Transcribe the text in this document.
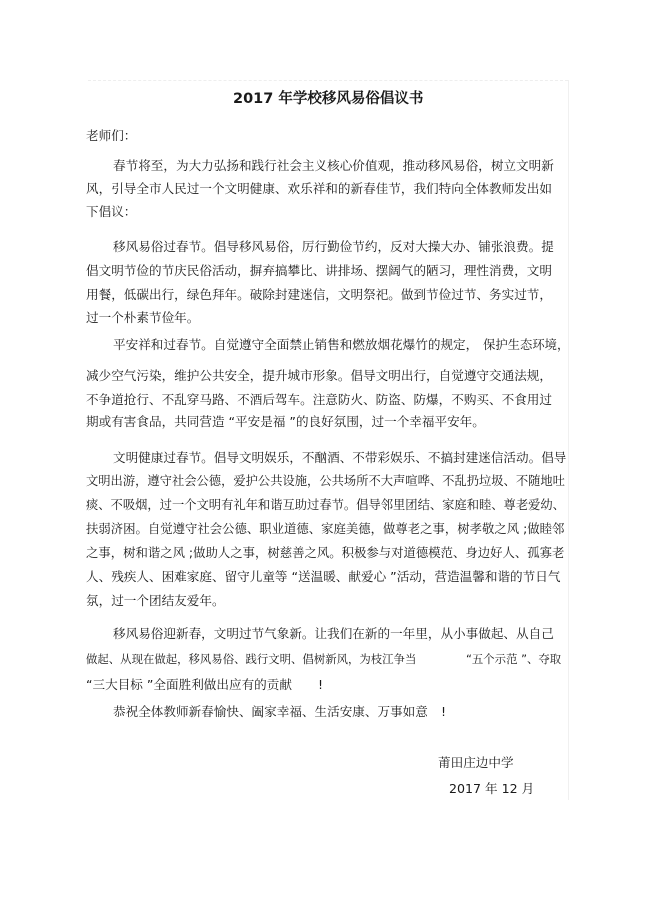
2017 年学校移风易俗倡议书
老师们：
春节将至，为大力弘扬和践行社会主义核心价值观，推动移风易俗，树立文明新
风，引导全市人民过一个文明健康、欢乐祥和的新春佳节，我们特向全体教师发出如
下倡议：
移风易俗过春节。倡导移风易俗，厉行勤俭节约，反对大操大办、铺张浪费。提
倡文明节俭的节庆民俗活动，摒弃搞攀比、讲排场、摆阔气的陋习，理性消费，文明
用餐，低碳出行，绿色拜年。破除封建迷信，文明祭祀。做到节俭过节、务实过节，
过一个朴素节俭年。
平安祥和过春节。自觉遵守全面禁止销售和燃放烟花爆竹的规定， 保护生态环境，
减少空气污染，维护公共安全，提升城市形象。倡导文明出行，自觉遵守交通法规，
不争道抢行、不乱穿马路、不酒后驾车。注意防火、防盗、防爆，不购买、不食用过
期或有害食品，共同营造 “平安是福 ”的良好氛围，过一个幸福平安年。
文明健康过春节。倡导文明娱乐，不酗酒、不带彩娱乐、不搞封建迷信活动。倡导
文明出游，遵守社会公德，爱护公共设施，公共场所不大声喧哗、不乱扔垃圾、不随地吐
痰、不吸烟，过一个文明有礼年和谐互助过春节。倡导邻里团结、家庭和睦、尊老爱幼、
扶弱济困。自觉遵守社会公德、职业道德、家庭美德，做尊老之事，树孝敬之风 ;做睦邻
之事，树和谐之风 ;做助人之事，树慈善之风。积极参与对道德模范、身边好人、孤寡老
人、残疾人、困难家庭、留守儿童等 “送温暖、献爱心 ”活动，营造温馨和谐的节日气
氛，过一个团结友爱年。
移风易俗迎新春，文明过节气象新。让我们在新的一年里，从小事做起、从自己
做起、从现在做起，移风易俗、践行文明、倡树新风，为枝江争当	“五个示范 ”、夺取
“三大目标 ”全面胜利做出应有的贡献 !
恭祝全体教师新春愉快、阖家幸福、生活安康、万事如意 !
莆田庄边中学
2017 年 12 月
